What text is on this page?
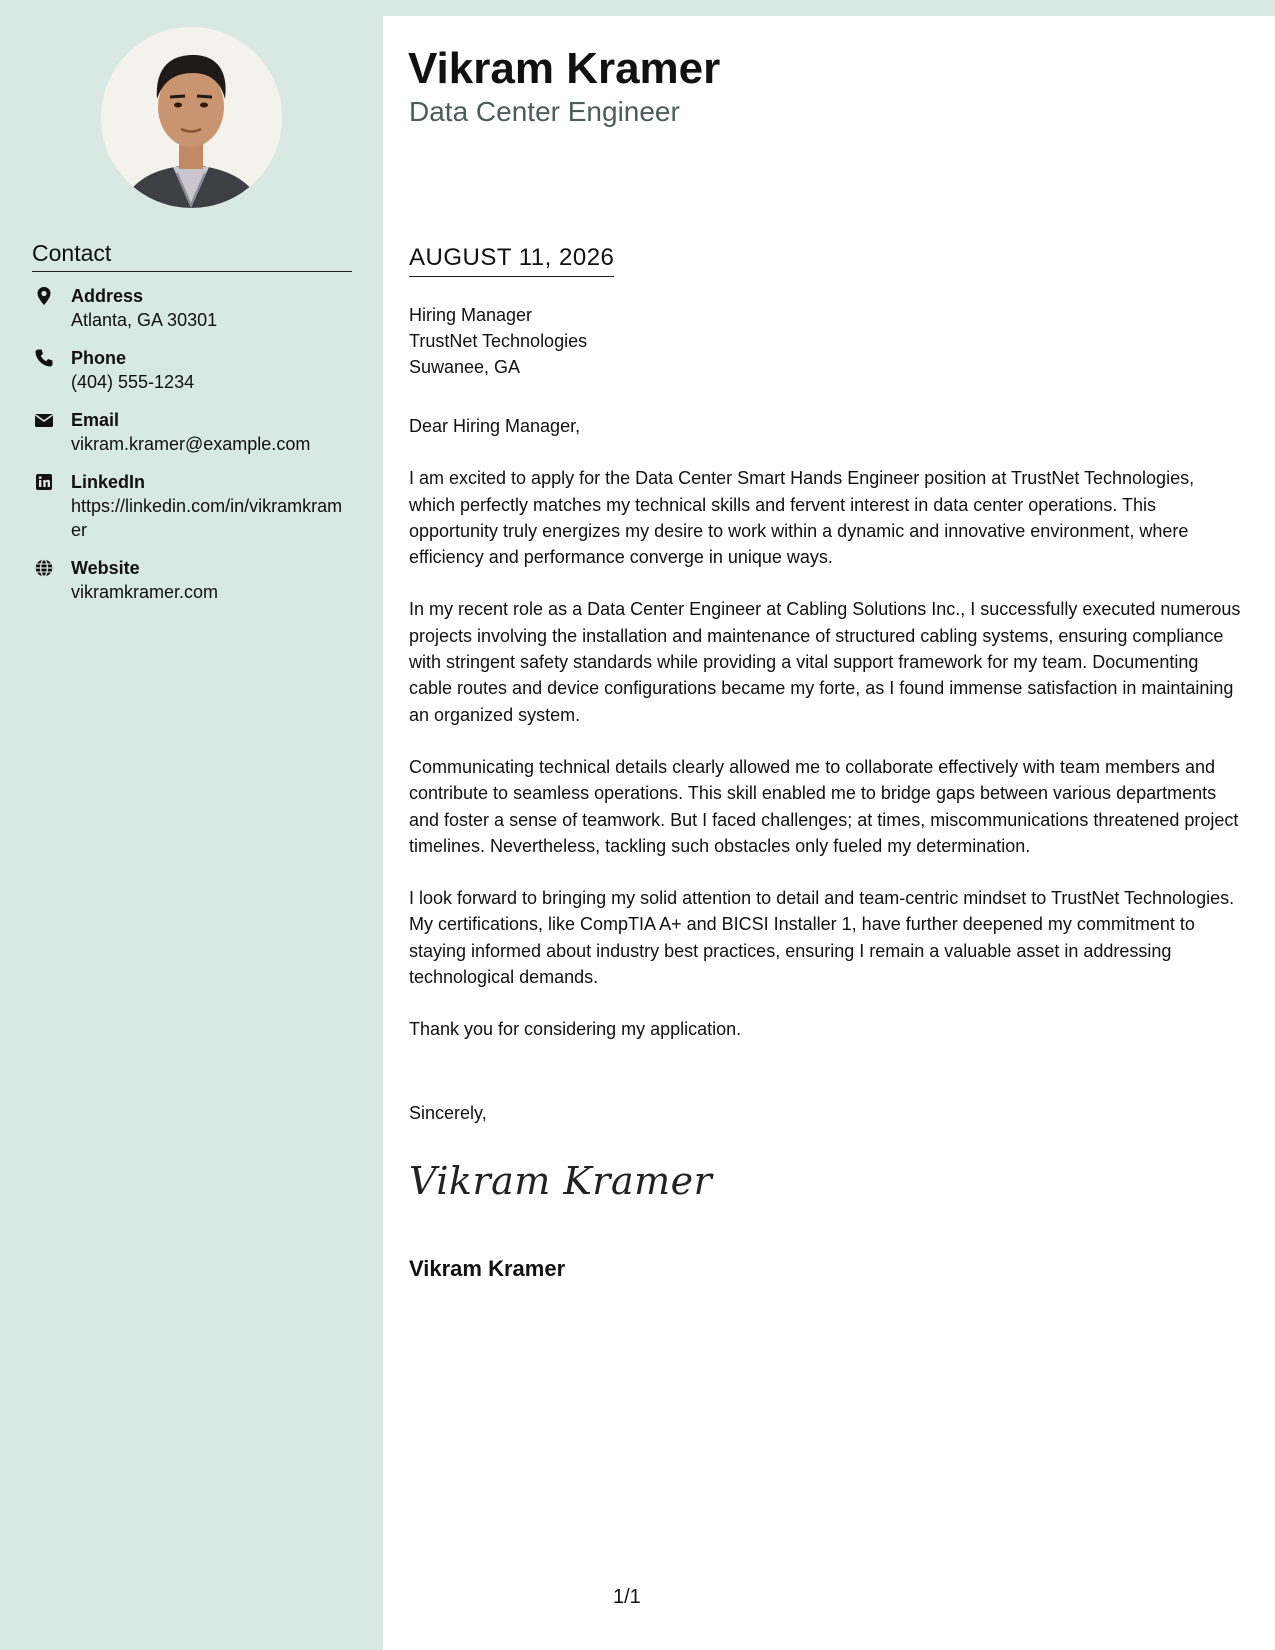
Contact
Address
Atlanta, GA 30301
Phone
(404) 555-1234
Email
vikram.kramer@example.com
LinkedIn
https://linkedin.com/in/vikramkramer
Website
vikramkramer.com
Vikram Kramer
Data Center Engineer
AUGUST 11, 2026
Hiring Manager
TrustNet Technologies
Suwanee, GA

Dear Hiring Manager,

I am excited to apply for the Data Center Smart Hands Engineer position at TrustNet Technologies, which perfectly matches my technical skills and fervent interest in data center operations. This opportunity truly energizes my desire to work within a dynamic and innovative environment, where efficiency and performance converge in unique ways.

In my recent role as a Data Center Engineer at Cabling Solutions Inc., I successfully executed numerous projects involving the installation and maintenance of structured cabling systems, ensuring compliance with stringent safety standards while providing a vital support framework for my team. Documenting cable routes and device configurations became my forte, as I found immense satisfaction in maintaining an organized system.

Communicating technical details clearly allowed me to collaborate effectively with team members and contribute to seamless operations. This skill enabled me to bridge gaps between various departments and foster a sense of teamwork. But I faced challenges; at times, miscommunications threatened project timelines. Nevertheless, tackling such obstacles only fueled my determination.

I look forward to bringing my solid attention to detail and team-centric mindset to TrustNet Technologies. My certifications, like CompTIA A+ and BICSI Installer 1, have further deepened my commitment to staying informed about industry best practices, ensuring I remain a valuable asset in addressing technological demands.

Thank you for considering my application.

Sincerely,
Vikram Kramer
Vikram Kramer
1/1
